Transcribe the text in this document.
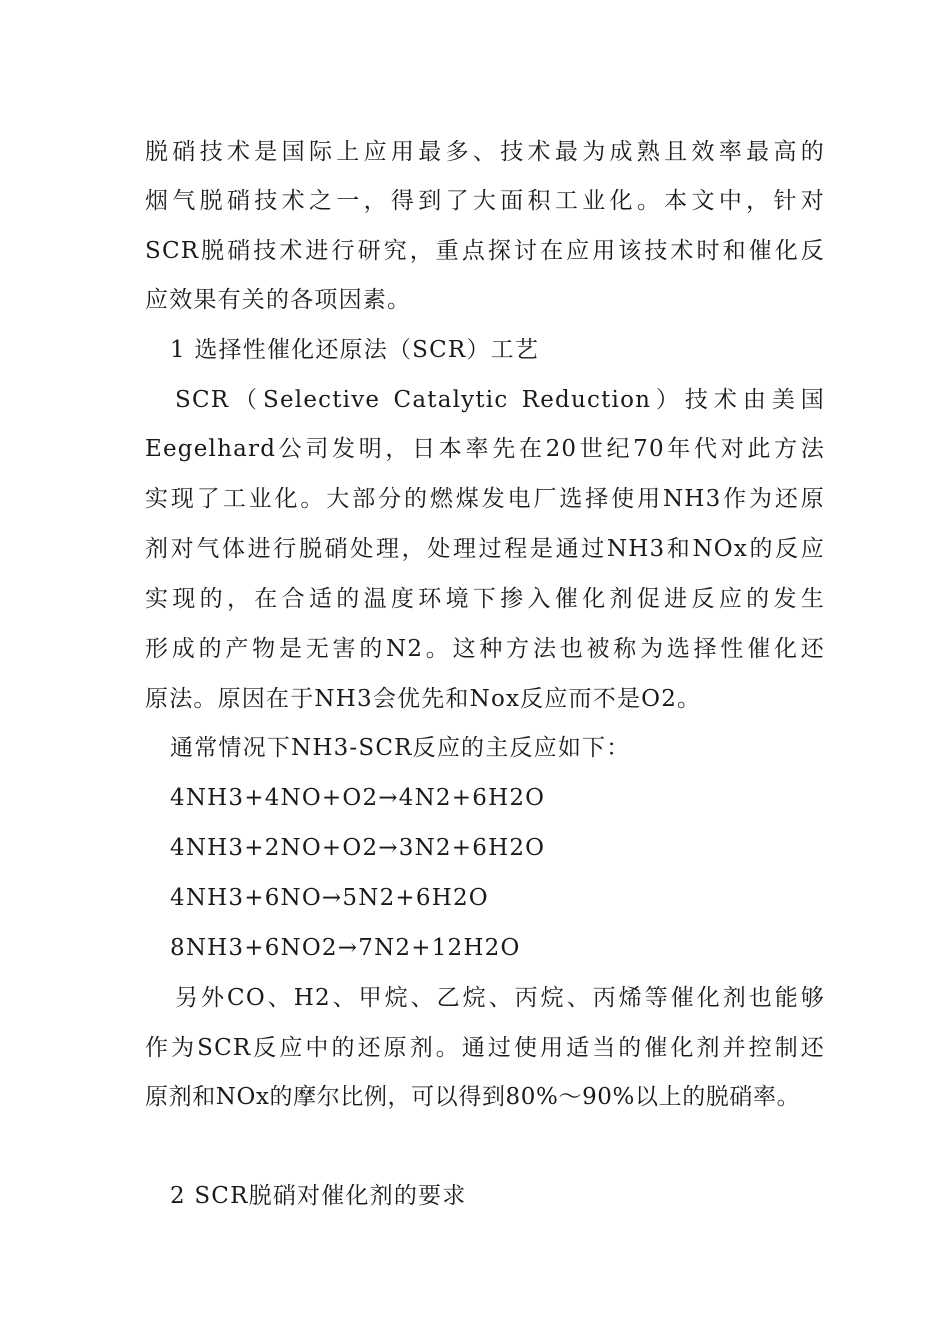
脱硝技术是国际上应用最多、技术最为成熟且效率最高的
烟气脱硝技术之一，得到了大面积工业化。本文中，针对
SCR脱硝技术进行研究，重点探讨在应用该技术时和催化反
应效果有关的各项因素。
1 选择性催化还原法（SCR）工艺
SCR（Selective Catalytic Reduction）技术由美国
Eegelhard公司发明，日本率先在20世纪70年代对此方法
实现了工业化。大部分的燃煤发电厂选择使用NH3作为还原
剂对气体进行脱硝处理，处理过程是通过NH3和NOx的反应
实现的，在合适的温度环境下掺入催化剂促进反应的发生
形成的产物是无害的N2。这种方法也被称为选择性催化还
原法。原因在于NH3会优先和Nox反应而不是O2。
通常情况下NH3-SCR反应的主反应如下：
4NH3+4NO+O2→4N2+6H2O
4NH3+2NO+O2→3N2+6H2O
4NH3+6NO→5N2+6H2O
8NH3+6NO2→7N2+12H2O
另外CO、H2、甲烷、乙烷、丙烷、丙烯等催化剂也能够
作为SCR反应中的还原剂。通过使用适当的催化剂并控制还
原剂和NOx的摩尔比例，可以得到80%～90%以上的脱硝率。
2 SCR脱硝对催化剂的要求
